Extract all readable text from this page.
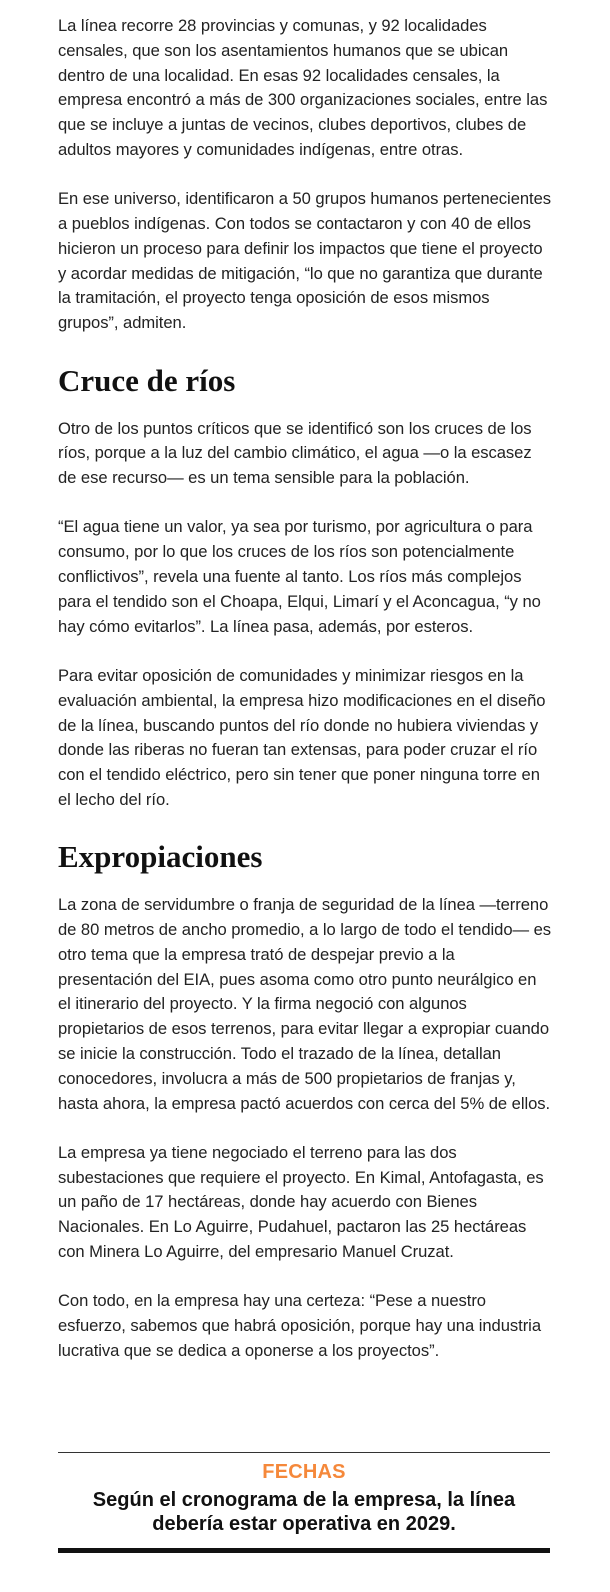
La línea recorre 28 provincias y comunas, y 92 localidades censales, que son los asentamientos humanos que se ubican dentro de una localidad. En esas 92 localidades censales, la empresa encontró a más de 300 organizaciones sociales, entre las que se incluye a juntas de vecinos, clubes deportivos, clubes de adultos mayores y comunidades indígenas, entre otras.

En ese universo, identificaron a 50 grupos humanos pertenecientes a pueblos indígenas. Con todos se contactaron y con 40 de ellos hicieron un proceso para definir los impactos que tiene el proyecto y acordar medidas de mitigación, “lo que no garantiza que durante la tramitación, el proyecto tenga oposición de esos mismos grupos”, admiten.

Cruce de ríos

Otro de los puntos críticos que se identificó son los cruces de los ríos, porque a la luz del cambio climático, el agua —o la escasez de ese recurso— es un tema sensible para la población.

“El agua tiene un valor, ya sea por turismo, por agricultura o para consumo, por lo que los cruces de los ríos son potencialmente conflictivos”, revela una fuente al tanto. Los ríos más complejos para el tendido son el Choapa, Elqui, Limarí y el Aconcagua, “y no hay cómo evitarlos”. La línea pasa, además, por esteros.

Para evitar oposición de comunidades y minimizar riesgos en la evaluación ambiental, la empresa hizo modificaciones en el diseño de la línea, buscando puntos del río donde no hubiera viviendas y donde las riberas no fueran tan extensas, para poder cruzar el río con el tendido eléctrico, pero sin tener que poner ninguna torre en el lecho del río.

Expropiaciones

La zona de servidumbre o franja de seguridad de la línea —terreno de 80 metros de ancho promedio, a lo largo de todo el tendido— es otro tema que la empresa trató de despejar previo a la presentación del EIA, pues asoma como otro punto neurálgico en el itinerario del proyecto. Y la firma negoció con algunos propietarios de esos terrenos, para evitar llegar a expropiar cuando se inicie la construcción. Todo el trazado de la línea, detallan conocedores, involucra a más de 500 propietarios de franjas y, hasta ahora, la empresa pactó acuerdos con cerca del 5% de ellos.

La empresa ya tiene negociado el terreno para las dos subestaciones que requiere el proyecto. En Kimal, Antofagasta, es un paño de 17 hectáreas, donde hay acuerdo con Bienes Nacionales. En Lo Aguirre, Pudahuel, pactaron las 25 hectáreas con Minera Lo Aguirre, del empresario Manuel Cruzat.

Con todo, en la empresa hay una certeza: “Pese a nuestro esfuerzo, sabemos que habrá oposición, porque hay una industria lucrativa que se dedica a oponerse a los proyectos”.

FECHAS
Según el cronograma de la empresa, la línea debería estar operativa en 2029.
